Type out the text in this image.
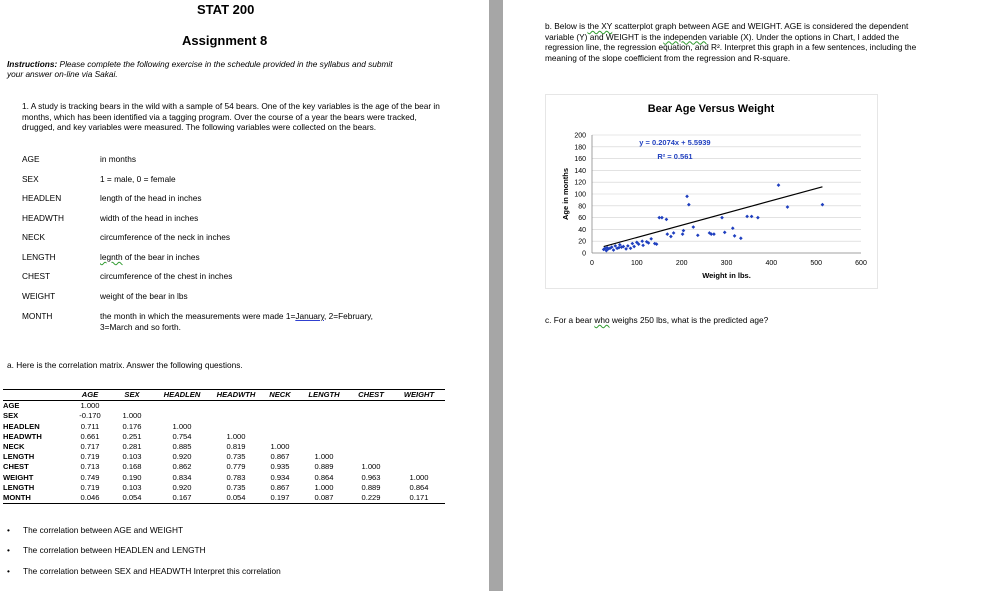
STAT 200
Assignment 8
Instructions: Please complete the following exercise in the schedule provided in the syllabus and submit
your answer on-line via Sakai.
1. A study is tracking bears in the wild with a sample of 54 bears. One of the key variables is the age of the bear in months, which has been identified via a tagging program. Over the course of a year the bears were tracked, drugged, and key variables were measured. The following variables were collected on the bears.
AGE	in months
SEX	1 = male, 0 = female
HEADLEN	length of the head in inches
HEADWTH	width of the head in inches
NECK	circumference of the neck in inches
LENGTH	legnth of the bear in inches
CHEST	circumference of the chest in inches
WEIGHT	weight of the bear in lbs
MONTH	the month in which the measurements were made 1=Januarу, 2=February,
3=March and so forth.
a. Here is the correlation matrix. Answer the following questions.
	AGE	SEX	HEADLEN	HEADWTH	NECK	LENGTH	CHEST	WEIGHT
AGE	1.000							
SEX	-0.170	1.000						
HEADLEN	0.711	0.176	1.000					
HEADWTH	0.661	0.251	0.754	1.000				
NECK	0.717	0.281	0.885	0.819	1.000			
LENGTH	0.719	0.103	0.920	0.735	0.867	1.000		
CHEST	0.713	0.168	0.862	0.779	0.935	0.889	1.000	
WEIGHT	0.749	0.190	0.834	0.783	0.934	0.864	0.963	1.000
LENGTH	0.719	0.103	0.920	0.735	0.867	1.000	0.889	0.864
MONTH	0.046	0.054	0.167	0.054	0.197	0.087	0.229	0.171
• The correlation between AGE and WEIGHT
• The correlation between HEADLEN and LENGTH
• The correlation between SEX and HEADWTH Interpret this correlation
b. Below is the XY scatterplot graph between AGE and WEIGHT. AGE is considered the dependent
variable (Y) and WEIGHT is the independen variable (X). Under the options in Chart, I added the
regression line, the regression equation, and R². Interpret this graph in a few sentences, including the
meaning of the slope coefficient from the regression and R-square.
c. For a bear who weighs 250 lbs, what is the predicted age?
Bear Age Versus Weight
0
20
40
60
80
100
120
140
160
180
200
0	100	200	300	400	500	600
Weight in lbs.
Age in months
y = 0.2074x + 5.5939
R² = 0.561
